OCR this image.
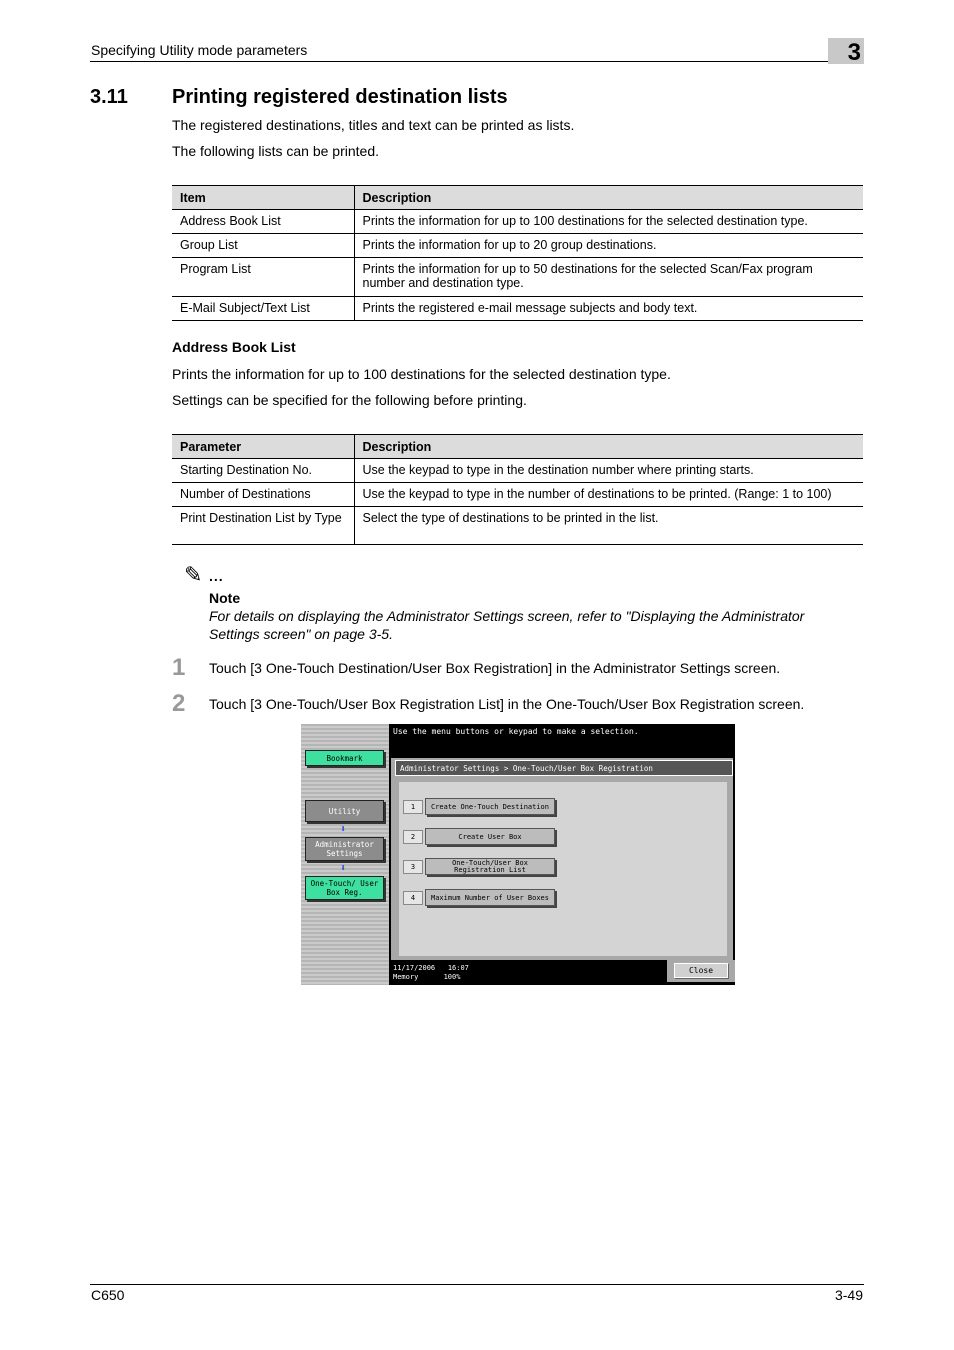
Specifying Utility mode parameters	3
3.11 Printing registered destination lists
The registered destinations, titles and text can be printed as lists.
The following lists can be printed.
Item	Description
Address Book List	Prints the information for up to 100 destinations for the selected destination type.
Group List	Prints the information for up to 20 group destinations.
Program List	Prints the information for up to 50 destinations for the selected Scan/Fax program number and destination type.
E-Mail Subject/Text List	Prints the registered e-mail message subjects and body text.
Address Book List
Prints the information for up to 100 destinations for the selected destination type.
Settings can be specified for the following before printing.
Parameter	Description
Starting Destination No.	Use the keypad to type in the destination number where printing starts.
Number of Destinations	Use the keypad to type in the number of destinations to be printed. (Range: 1 to 100)
Print Destination List by Type	Select the type of destinations to be printed in the list.
✎ ...
Note
For details on displaying the Administrator Settings screen, refer to "Displaying the Administrator Settings screen" on page 3-5.
1 Touch [3 One-Touch Destination/User Box Registration] in the Administrator Settings screen.
2 Touch [3 One-Touch/User Box Registration List] in the One-Touch/User Box Registration screen.
Bookmark
Utility
⬇
Administrator Settings
⬇
One-Touch/ User Box Reg.
Use the menu buttons or keypad to make a selection.
Administrator Settings > One-Touch/User Box Registration
1	Create One-Touch Destination
2	Create User Box
3	One-Touch/User Box Registration List
4	Maximum Number of User Boxes
11/17/2006 16:07
Memory	100%
Close
C650	3-49
